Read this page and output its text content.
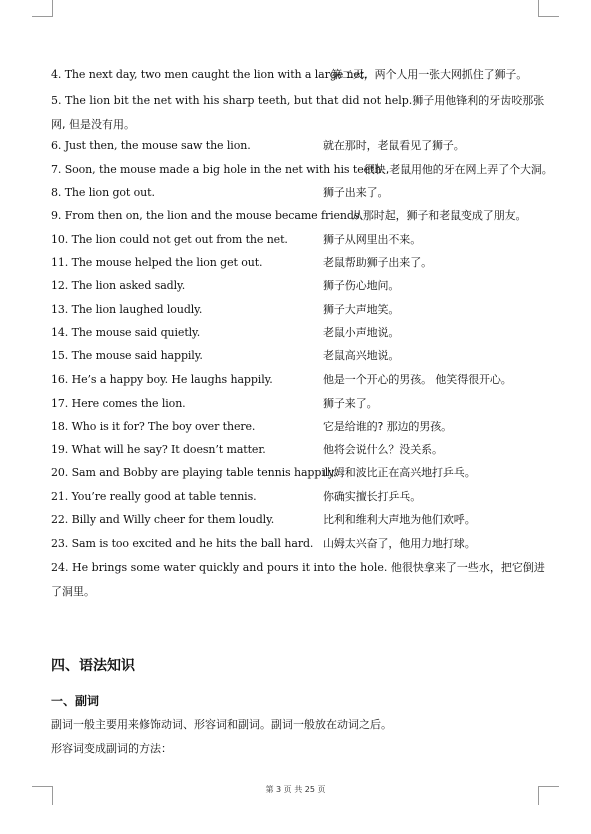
4. The next day, two men caught the lion with a large net.
第二天，两个人用一张大网抓住了狮子。
5. The lion bit the net with his sharp teeth, but that did not help.狮子用他锋利的牙齿咬那张网, 但是没有用。
6. Just then, the mouse saw the lion.	就在那时，老鼠看见了狮子。
7. Soon, the mouse made a big hole in the net with his teeth.
很快,老鼠用他的牙在网上弄了个大洞。
8. The lion got out.	狮子出来了。
9. From then on, the lion and the mouse became friends.
从那时起，狮子和老鼠变成了朋友。
10. The lion could not get out from the net.	狮子从网里出不来。
11. The mouse helped the lion get out.	老鼠帮助狮子出来了。
12. The lion asked sadly.	狮子伤心地问。
13. The lion laughed loudly.	狮子大声地笑。
14. The mouse said quietly.	老鼠小声地说。
15. The mouse said happily.	老鼠高兴地说。
16. He’s a happy boy. He laughs happily.	他是一个开心的男孩。 他笑得很开心。
17. Here comes the lion.	狮子来了。
18. Who is it for? The boy over there.	它是给谁的? 那边的男孩。
19. What will he say? It doesn’t matter.	他将会说什么？没关系。
20. Sam and Bobby are playing table tennis happily.
山姆和波比正在高兴地打乒乓。
21. You’re really good at table tennis.	你确实擅长打乒乓。
22. Billy and Willy cheer for them loudly.	比利和维利大声地为他们欢呼。
23. Sam is too excited and he hits the ball hard. 山姆太兴奋了，他用力地打球。
24. He brings some water quickly and pours it into the hole. 他很快拿来了一些水，把它倒进了洞里。
四、语法知识
一、副词
副词一般主要用来修饰动词、形容词和副词。副词一般放在动词之后。
形容词变成副词的方法：
第 3 页 共 25 页
